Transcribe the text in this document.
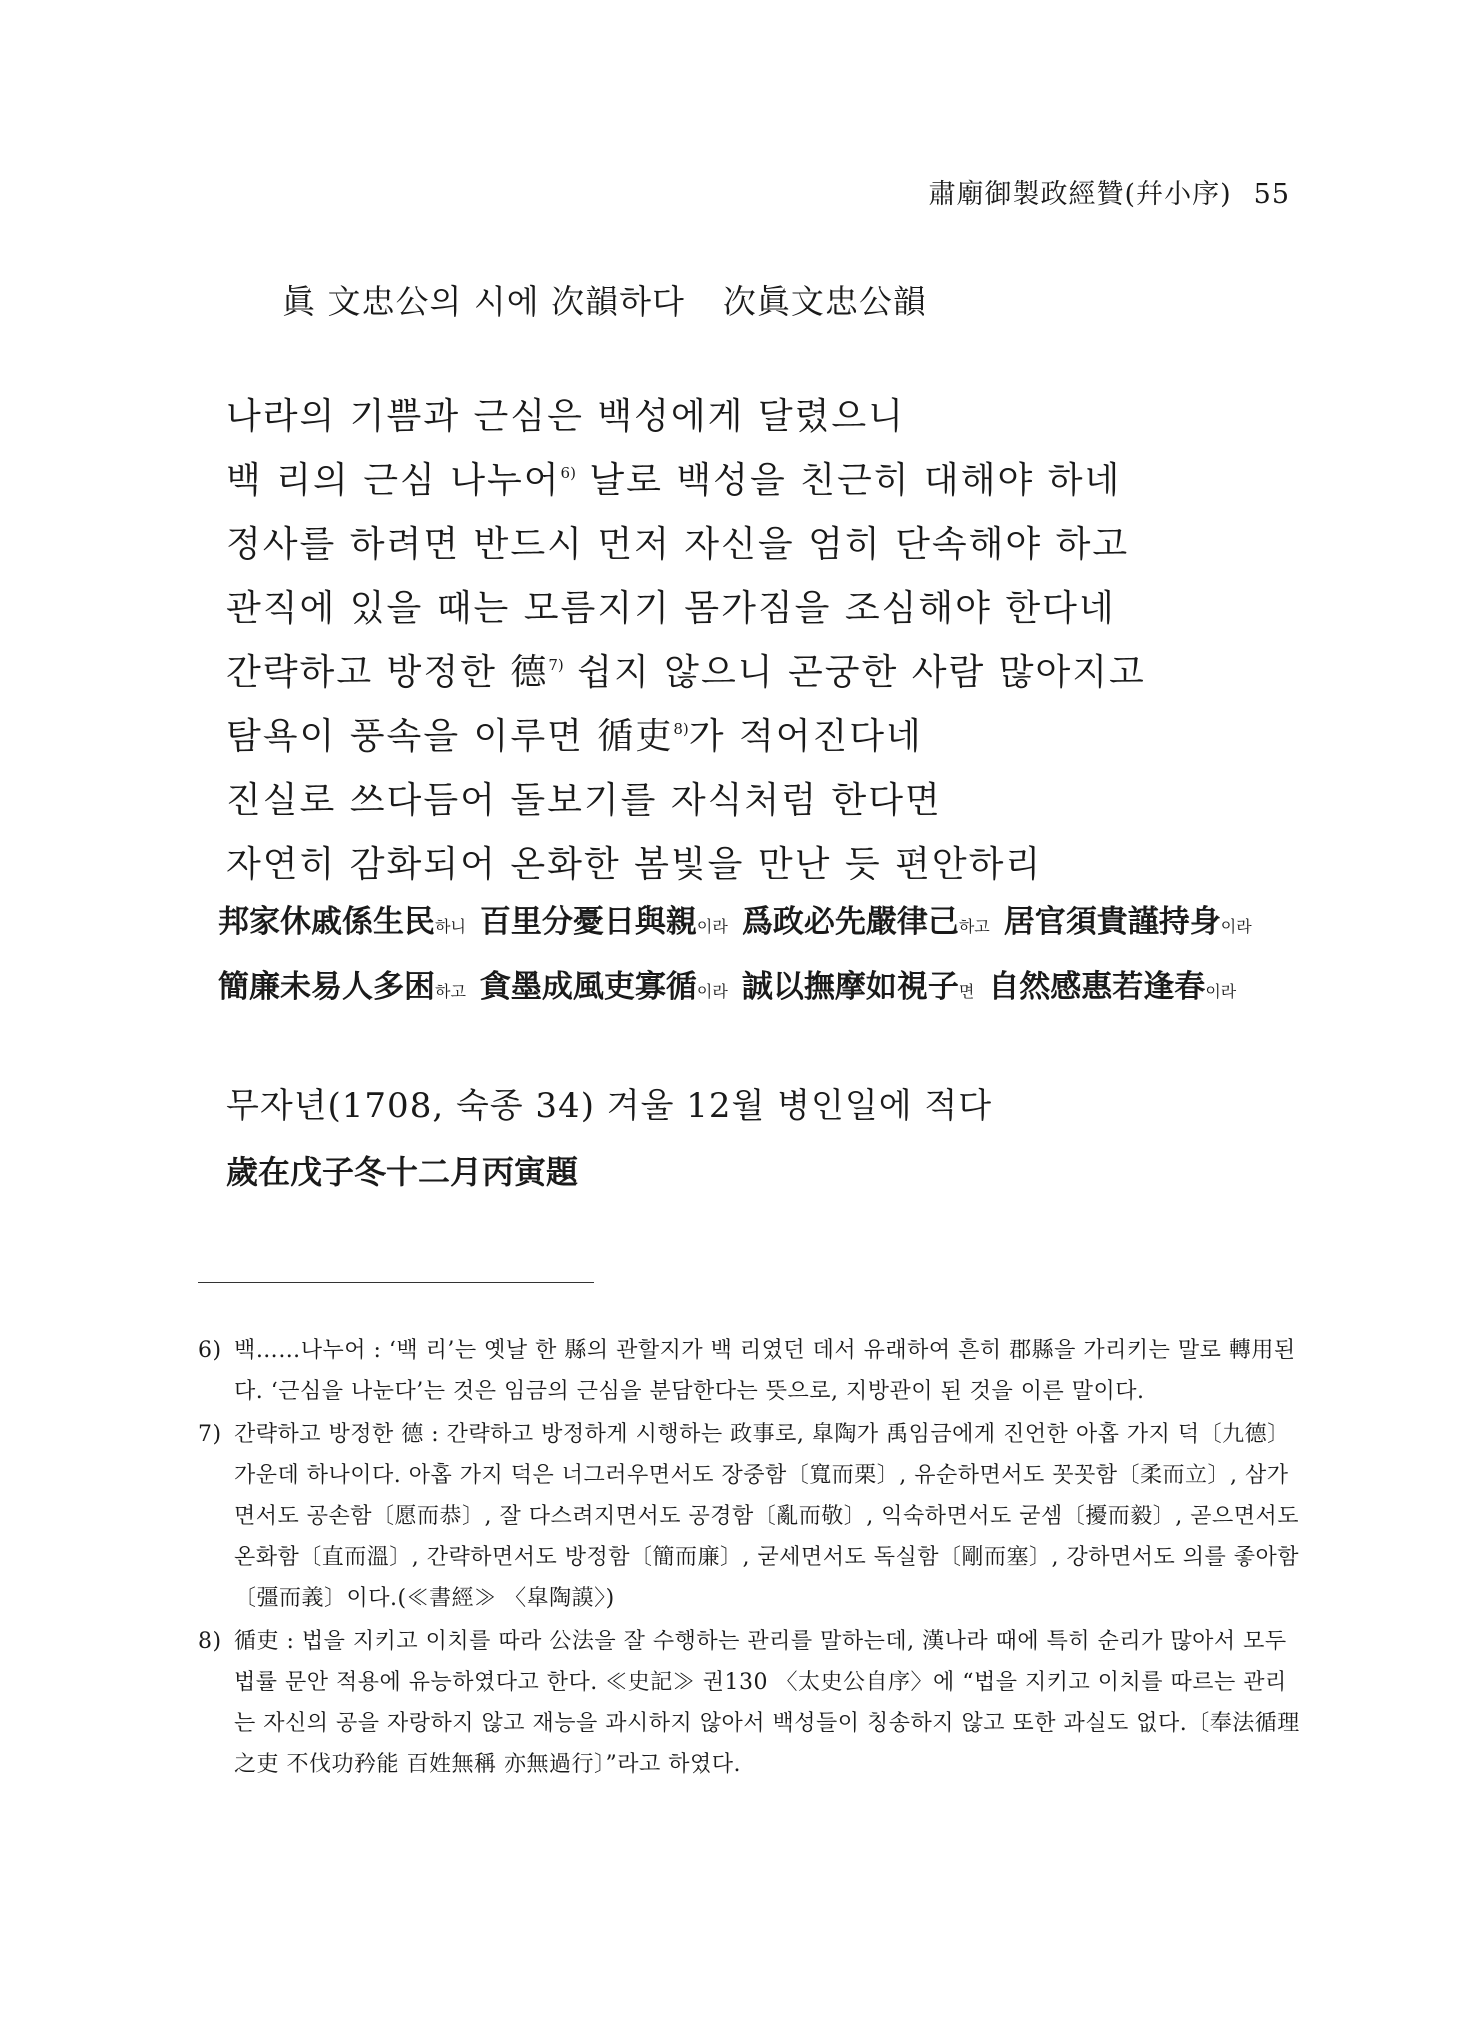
肅廟御製政經贊(幷小序) 55
眞 文忠公의 시에 次韻하다 次眞文忠公韻
나라의 기쁨과 근심은 백성에게 달렸으니
백 리의 근심 나누어$^{6)}$ 날로 백성을 친근히 대해야 하네
정사를 하려면 반드시 먼저 자신을 엄히 단속해야 하고
관직에 있을 때는 모름지기 몸가짐을 조심해야 한다네
간략하고 방정한 德$^{7)}$ 쉽지 않으니 곤궁한 사람 많아지고
탐욕이 풍속을 이루면 循吏$^{8)}$가 적어진다네
진실로 쓰다듬어 돌보기를 자식처럼 한다면
자연히 감화되어 온화한 봄빛을 만난 듯 편안하리
邦家休戚係生民하니 百里分憂日與親이라 爲政必先嚴律己하고 居官須貴謹持身이라
簡廉未易人多困하고 貪墨成風吏寡循이라 誠以撫摩如視子면 自然感惠若逢春이라
무자년(1708, 숙종 34) 겨울 12월 병인일에 적다
歲在戊子冬十二月丙寅題
6) 백……나누어 : ‘백 리’는 옛날 한 縣의 관할지가 백 리였던 데서 유래하여 흔히 郡縣을 가리키는 말로 轉用된다. ‘근심을 나눈다’는 것은 임금의 근심을 분담한다는 뜻으로, 지방관이 된 것을 이른 말이다.
7) 간략하고 방정한 德 : 간략하고 방정하게 시행하는 政事로, 皐陶가 禹임금에게 진언한 아홉 가지 덕〔九德〕 가운데 하나이다. 아홉 가지 덕은 너그러우면서도 장중함〔寬而栗〕, 유순하면서도 꼿꼿함〔柔而立〕, 삼가면서도 공손함〔愿而恭〕, 잘 다스려지면서도 공경함〔亂而敬〕, 익숙하면서도 굳셈〔擾而毅〕, 곧으면서도 온화함〔直而溫〕, 간략하면서도 방정함〔簡而廉〕, 굳세면서도 독실함〔剛而塞〕, 강하면서도 의를 좋아함〔彊而義〕이다.(≪書經≫ 〈皐陶謨〉)
8) 循吏 : 법을 지키고 이치를 따라 公法을 잘 수행하는 관리를 말하는데, 漢나라 때에 특히 순리가 많아서 모두 법률 문안 적용에 유능하였다고 한다. ≪史記≫ 권130 〈太史公自序〉에 “법을 지키고 이치를 따르는 관리는 자신의 공을 자랑하지 않고 재능을 과시하지 않아서 백성들이 칭송하지 않고 또한 과실도 없다.〔奉法循理之吏 不伐功矜能 百姓無稱 亦無過行〕”라고 하였다.
